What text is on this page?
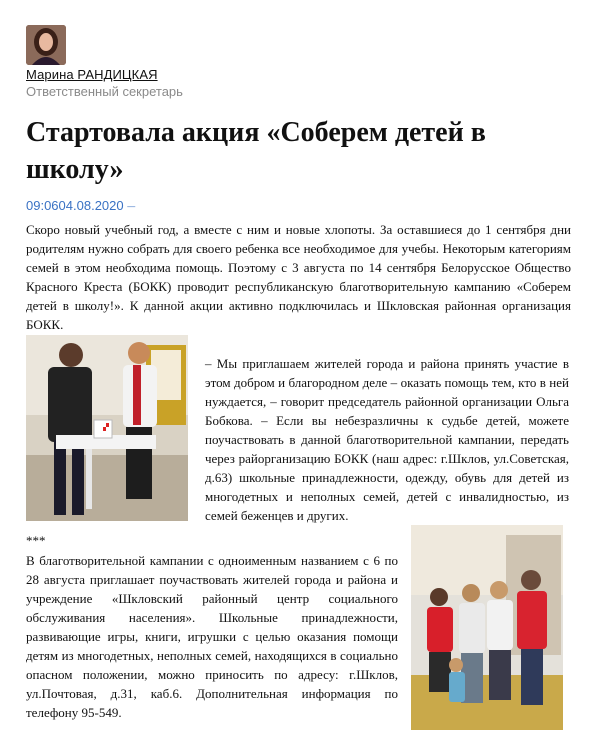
Марина РАНДИЦКАЯ
Ответственный секретарь
Стартовала акция «Соберем детей в школу»
09:0604.08.2020 —

Скоро новый учебный год, а вместе с ним и новые хлопоты. За оставшиеся до 1 сентября дни родителям нужно собрать для своего ребенка все необходимое для учебы. Некоторым категориям семей в этом необходима помощь. Поэтому с 3 августа по 14 сентября Белорусское Общество Красного Креста (БОКК) проводит республиканскую благотворительную кампанию «Соберем детей в школу!». К данной акции активно подключилась и Шкловская районная организация БОКК.

– Мы приглашаем жителей города и района принять участие в этом добром и благородном деле – оказать помощь тем, кто в ней нуждается, – говорит председатель районной организации Ольга Бобкова. – Если вы небезразличны к судьбе детей, можете поучаствовать в данной благотворительной кампании, передать через райорганизацию БОКК (наш адрес: г.Шклов, ул.Советская, д.63) школьные принадлежности, одежду, обувь для детей из многодетных и неполных семей, детей с инвалидностью, из семей беженцев и других.

***

В благотворительной кампании с одноименным названием с 6 по 28 августа приглашает поучаствовать жителей города и района и учреждение «Шкловский районный центр социального обслуживания населения». Школьные принадлежности, развивающие игры, книги, игрушки с целью оказания помощи детям из многодетных, неполных семей, находящихся в социально опасном положении, можно приносить по адресу: г.Шклов, ул.Почтовая, д.31, каб.6. Дополнительная информация по телефону 95-549.
